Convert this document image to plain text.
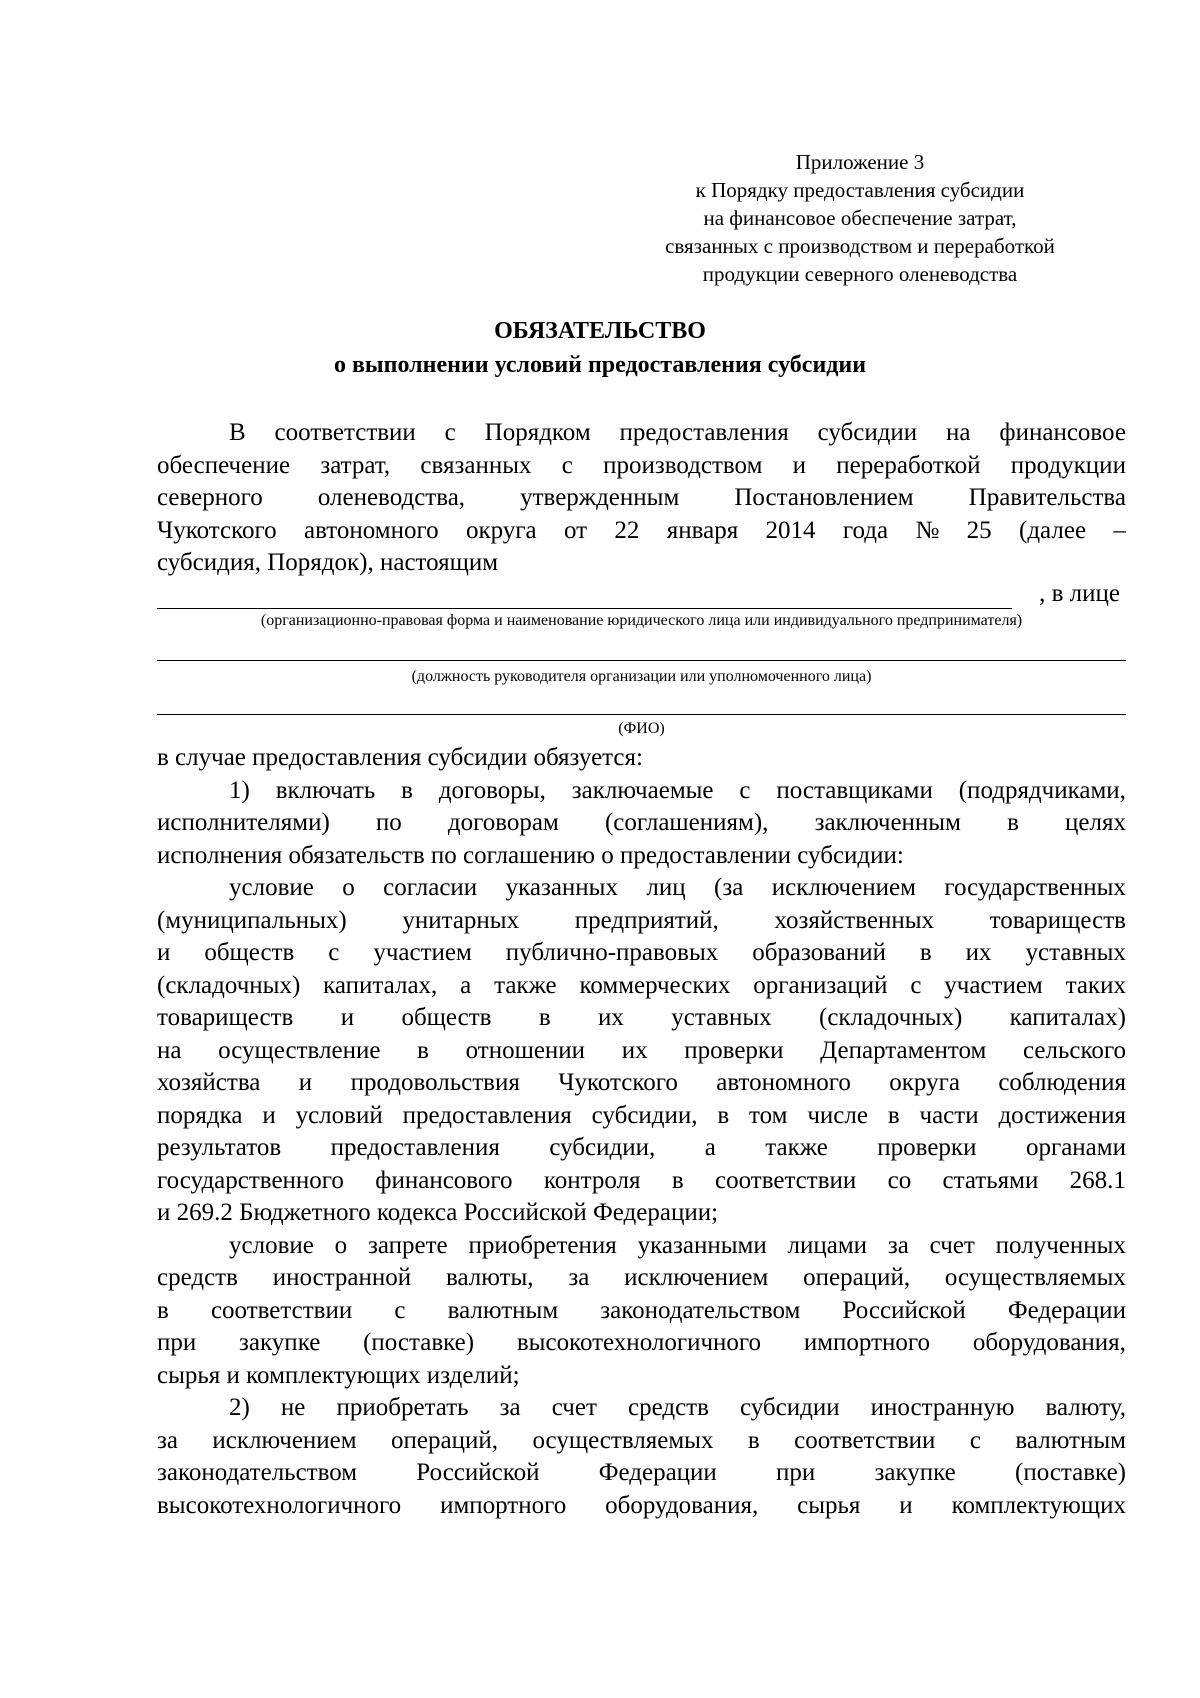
Приложение 3
к Порядку предоставления субсидии
на финансовое обеспечение затрат,
связанных с производством и переработкой
продукции северного оленеводства
ОБЯЗАТЕЛЬСТВО
о выполнении условий предоставления субсидии
В соответствии с Порядком предоставления субсидии на финансовое
обеспечение затрат, связанных с производством и переработкой продукции
северного оленеводства, утвержденным Постановлением Правительства
Чукотского автономного округа от 22 января 2014 года № 25 (далее –
субсидия, Порядок), настоящим
, в лице
(организационно-правовая форма и наименование юридического лица или индивидуального предпринимателя)
(должность руководителя организации или уполномоченного лица)
(ФИО)
в случае предоставления субсидии обязуется:
1) включать в договоры, заключаемые с поставщиками (подрядчиками,
исполнителями) по договорам (соглашениям), заключенным в целях
исполнения обязательств по соглашению о предоставлении субсидии:
условие о согласии указанных лиц (за исключением государственных
(муниципальных) унитарных предприятий, хозяйственных товариществ
и обществ с участием публично-правовых образований в их уставных
(складочных) капиталах, а также коммерческих организаций с участием таких
товариществ и обществ в их уставных (складочных) капиталах)
на осуществление в отношении их проверки Департаментом сельского
хозяйства и продовольствия Чукотского автономного округа соблюдения
порядка и условий предоставления субсидии, в том числе в части достижения
результатов предоставления субсидии, а также проверки органами
государственного финансового контроля в соответствии со статьями 268.1
и 269.2 Бюджетного кодекса Российской Федерации;
условие о запрете приобретения указанными лицами за счет полученных
средств иностранной валюты, за исключением операций, осуществляемых
в соответствии с валютным законодательством Российской Федерации
при закупке (поставке) высокотехнологичного импортного оборудования,
сырья и комплектующих изделий;
2) не приобретать за счет средств субсидии иностранную валюту,
за исключением операций, осуществляемых в соответствии с валютным
законодательством Российской Федерации при закупке (поставке)
высокотехнологичного импортного оборудования, сырья и комплектующих
